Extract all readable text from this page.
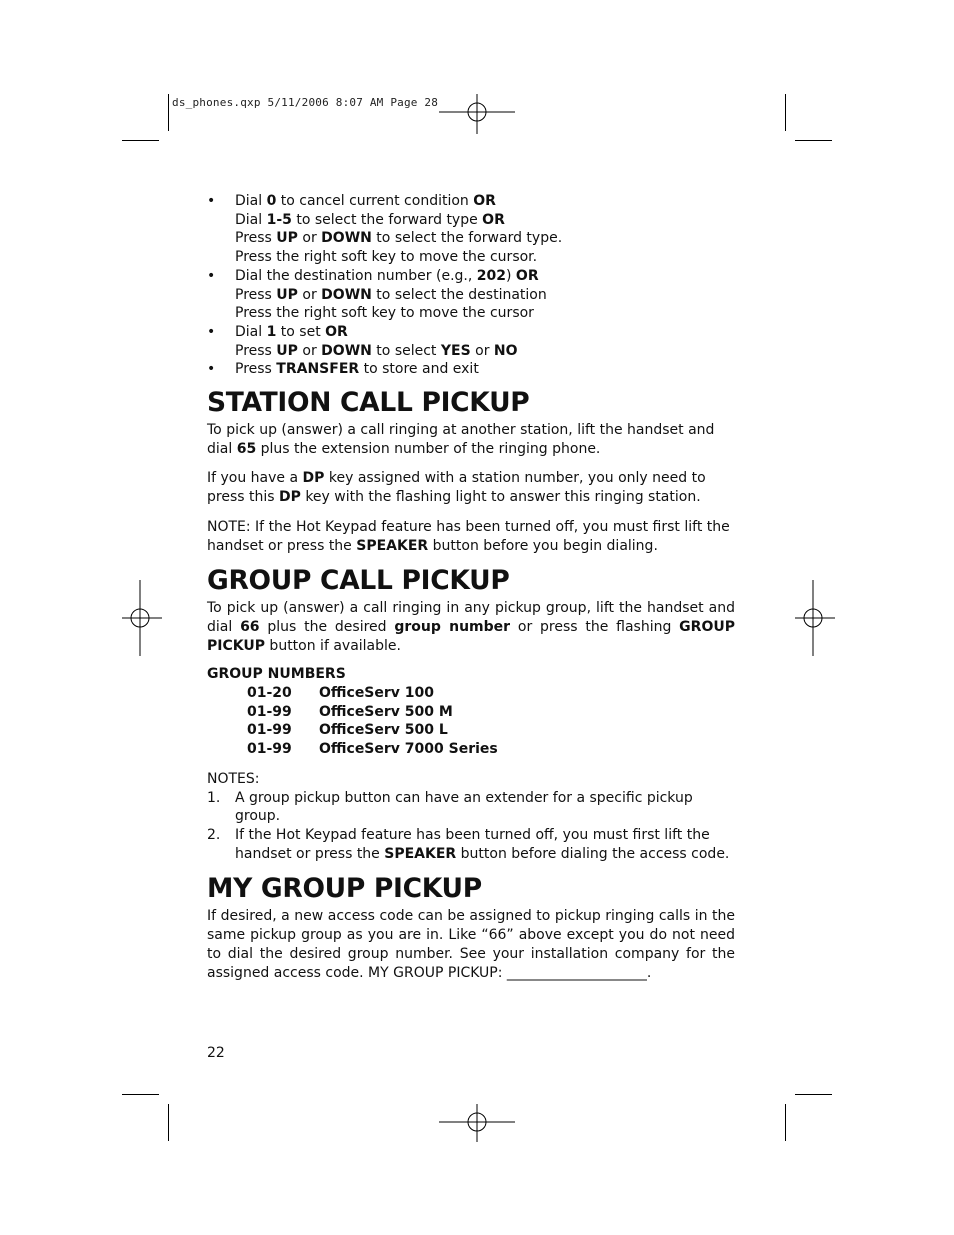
ds_phones.qxp 5/11/2006 8:07 AM Page 28
• Dial 0 to cancel current condition OR
Dial 1-5 to select the forward type OR
Press UP or DOWN to select the forward type.
Press the right soft key to move the cursor.
• Dial the destination number (e.g., 202) OR
Press UP or DOWN to select the destination
Press the right soft key to move the cursor
• Dial 1 to set OR
Press UP or DOWN to select YES or NO
• Press TRANSFER to store and exit
STATION CALL PICKUP

To pick up (answer) a call ringing at another station, lift the handset and dial 65 plus the extension number of the ringing phone.

If you have a DP key assigned with a station number, you only need to press this DP key with the flashing light to answer this ringing station.

NOTE: If the Hot Keypad feature has been turned off, you must first lift the handset or press the SPEAKER button before you begin dialing.

GROUP CALL PICKUP

To pick up (answer) a call ringing in any pickup group, lift the handset and dial 66 plus the desired group number or press the flashing GROUP PICKUP button if available.

GROUP NUMBERS
01-20	OfficeServ 100
01-99	OfficeServ 500 M
01-99	OfficeServ 500 L
01-99	OfficeServ 7000 Series

NOTES:

1. A group pickup button can have an extender for a specific pickup group.
2. If the Hot Keypad feature has been turned off, you must first lift the handset or press the SPEAKER button before dialing the access code.
MY GROUP PICKUP

If desired, a new access code can be assigned to pickup ringing calls in the same pickup group as you are in. Like “66” above except you do not need to dial the desired group number. See your installation company for the assigned access code. MY GROUP PICKUP: ____________________.

22
